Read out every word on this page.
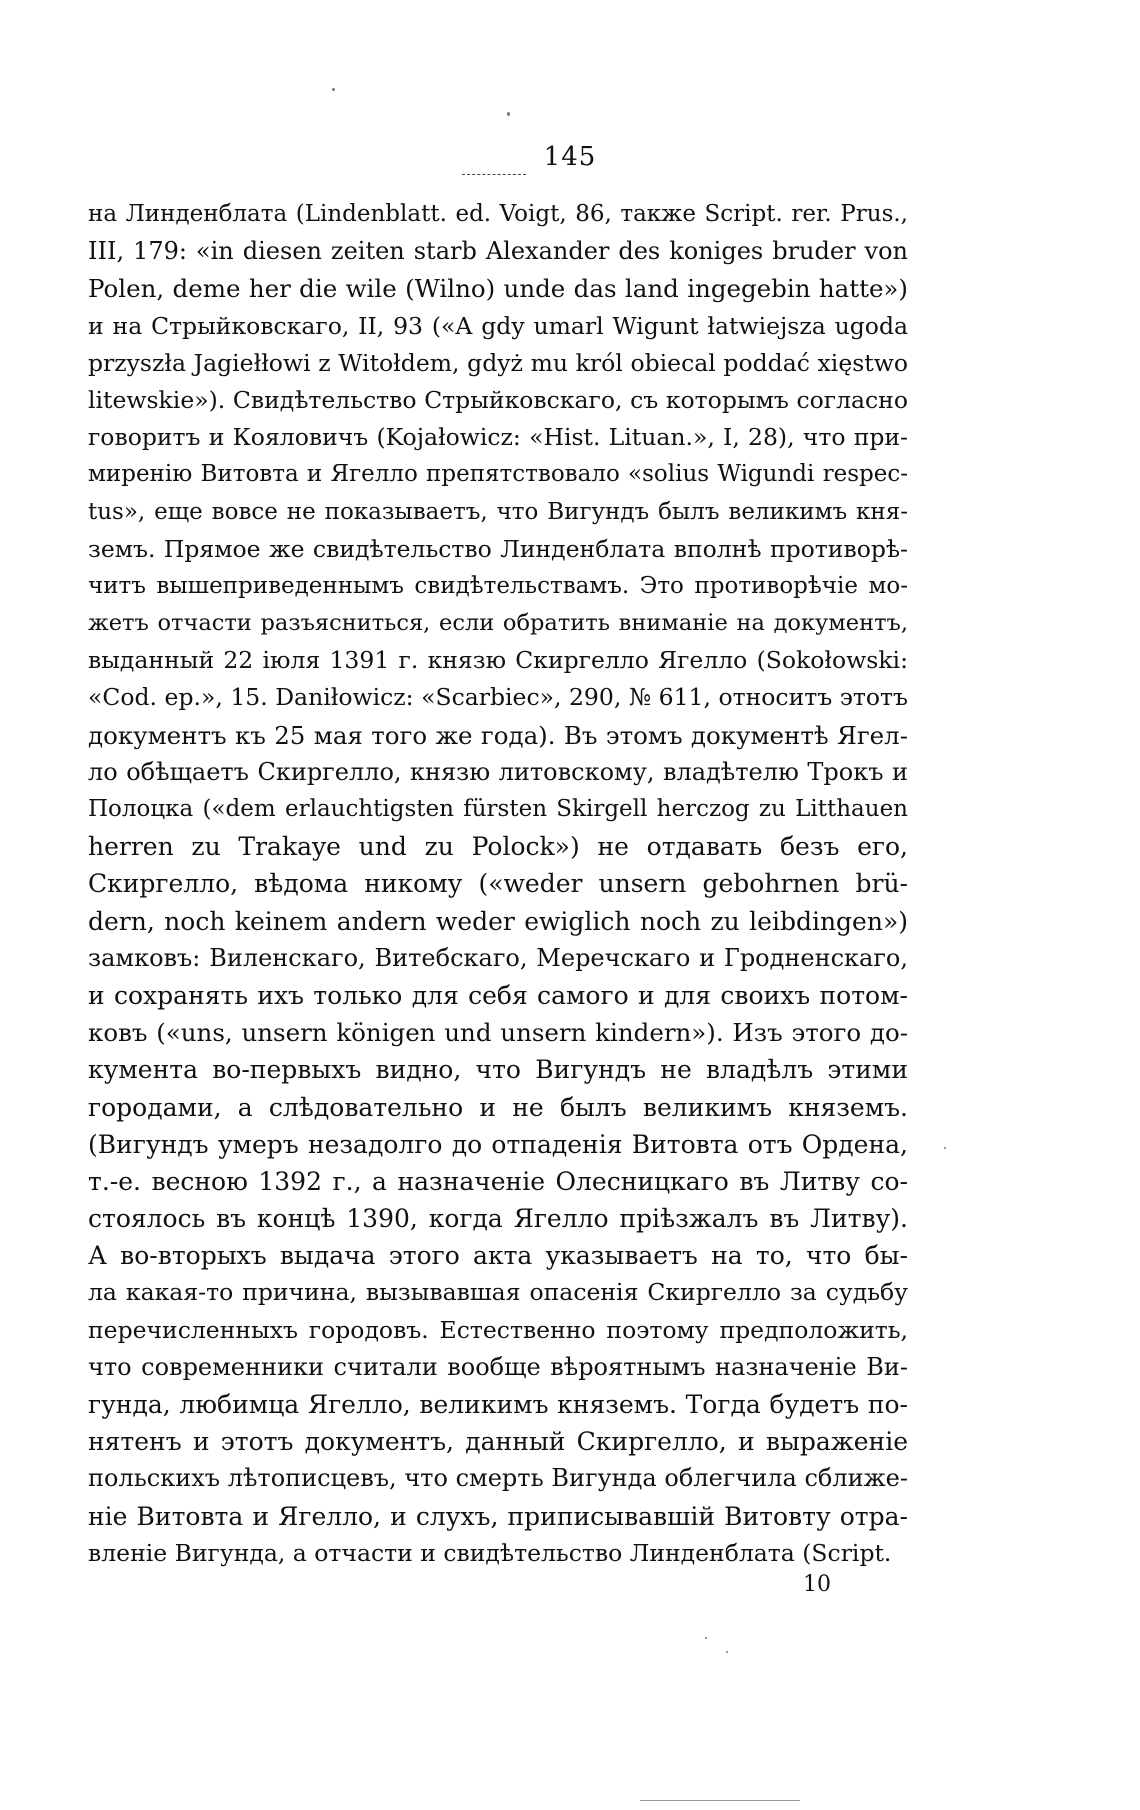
145
на Линденблата (Lindenblatt. ed. Voigt, 86, также Script. rer. Prus.,
III, 179: «in diesen zeiten starb Alexander des koniges bruder von
Polen, deme her die wile (Wilno) unde das land ingegebin hatte»)
и на Стрыйковскаго, II, 93 («A gdy umarl Wigunt łatwiejsza ugoda
przyszła Jagiełłowi z Witołdem, gdyż mu król obiecal poddać xięstwo
litewskie»). Свидѣтельство Стрыйковскаго, съ которымъ согласно
говоритъ и Кояловичъ (Kojałowicz: «Hist. Lituan.», I, 28), что при-
миренію Витовта и Ягелло препятствовало «solius Wigundi respec-
tus», еще вовсе не показываетъ, что Вигундъ былъ великимъ кня-
земъ. Прямое же свидѣтельство Линденблата вполнѣ противорѣ-
читъ вышеприведеннымъ свидѣтельствамъ. Это противорѣчіе мо-
жетъ отчасти разъясниться, если обратить вниманіе на документъ,
выданный 22 іюля 1391 г. князю Скиргелло Ягелло (Sokołowski:
«Cod. ep.», 15. Daniłowicz: «Scarbiec», 290, № 611, относитъ этотъ
документъ къ 25 мая того же года). Въ этомъ документѣ Ягел-
ло обѣщаетъ Скиргелло, князю литовскому, владѣтелю Трокъ и
Полоцка («dem erlauchtigsten fürsten Skirgell herczog zu Litthauen
herren zu Trakaye und zu Polock») не отдавать безъ его,
Скиргелло, вѣдома никому («weder unsern gebohrnen brü-
dern, noch keinem andern weder ewiglich noch zu leibdingen»)
замковъ: Виленскаго, Витебскаго, Меречскаго и Гродненскаго,
и сохранять ихъ только для себя самого и для своихъ потом-
ковъ («uns, unsern königen und unsern kindern»). Изъ этого до-
кумента во-первыхъ видно, что Вигундъ не владѣлъ этими
городами, а слѣдовательно и не былъ великимъ княземъ.
(Вигундъ умеръ незадолго до отпаденія Витовта отъ Ордена,
т.-е. весною 1392 г., а назначеніе Олесницкаго въ Литву со-
стоялось въ концѣ 1390, когда Ягелло пріѣзжалъ въ Литву).
А во-вторыхъ выдача этого акта указываетъ на то, что бы-
ла какая-то причина, вызывавшая опасенія Скиргелло за судьбу
перечисленныхъ городовъ. Естественно поэтому предположить,
что современники считали вообще вѣроятнымъ назначеніе Ви-
гунда, любимца Ягелло, великимъ княземъ. Тогда будетъ по-
нятенъ и этотъ документъ, данный Скиргелло, и выраженіе
польскихъ лѣтописцевъ, что смерть Вигунда облегчила сближе-
ніе Витовта и Ягелло, и слухъ, приписывавшій Витовту отра-
вленіе Вигунда, а отчасти и свидѣтельство Линденблата (Script.
10
